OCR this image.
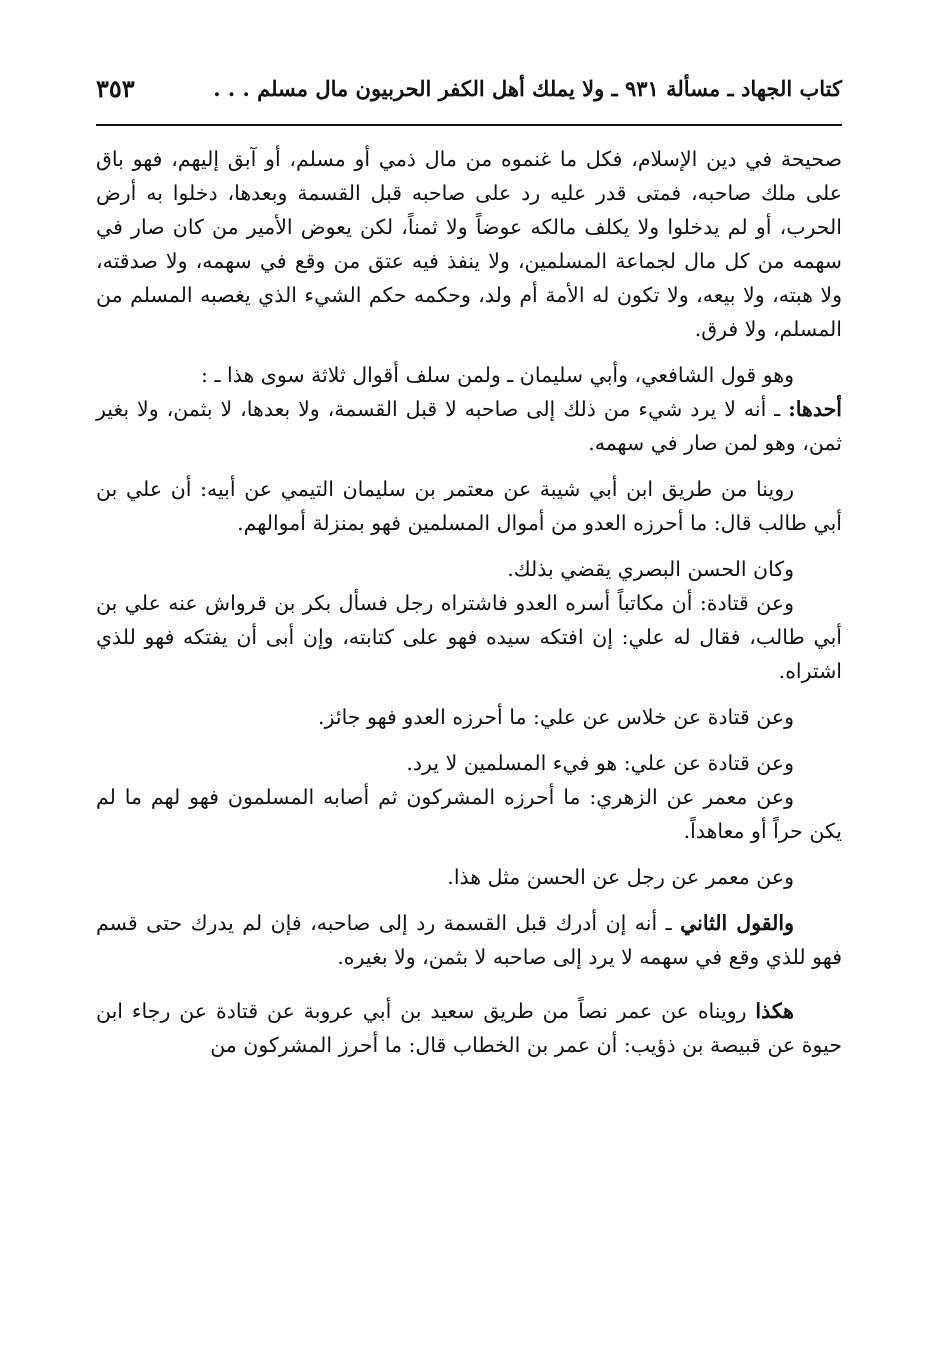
كتاب الجهاد ـ مسألة ٩٣١ ـ ولا يملك أهل الكفر الحربيون مال مسلم . . .
٣٥٣

صحيحة في دين الإسلام، فكل ما غنموه من مال ذمي أو مسلم، أو آبق إليهم، فهو باق على ملك صاحبه، فمتى قدر عليه رد على صاحبه قبل القسمة وبعدها، دخلوا به أرض الحرب، أو لم يدخلوا ولا يكلف مالكه عوضاً ولا ثمناً، لكن يعوض الأمير من كان صار في سهمه من كل مال لجماعة المسلمين، ولا ينفذ فيه عتق من وقع في سهمه، ولا صدقته، ولا هبته، ولا بيعه، ولا تكون له الأمة أم ولد، وحكمه حكم الشيء الذي يغصبه المسلم من المسلم، ولا فرق.

وهو قول الشافعي، وأبي سليمان ـ ولمن سلف أقوال ثلاثة سوى هذا ـ :

أحدها: ـ أنه لا يرد شيء من ذلك إلى صاحبه لا قبل القسمة، ولا بعدها، لا بثمن، ولا بغير ثمن، وهو لمن صار في سهمه.

روينا من طريق ابن أبي شيبة عن معتمر بن سليمان التيمي عن أبيه: أن علي بن أبي طالب قال: ما أحرزه العدو من أموال المسلمين فهو بمنزلة أموالهم.

وكان الحسن البصري يقضي بذلك.

وعن قتادة: أن مكاتباً أسره العدو فاشتراه رجل فسأل بكر بن قرواش عنه علي بن أبي طالب، فقال له علي: إن افتكه سيده فهو على كتابته، وإن أبى أن يفتكه فهو للذي اشتراه.

وعن قتادة عن خلاس عن علي: ما أحرزه العدو فهو جائز.

وعن قتادة عن علي: هو فيء المسلمين لا يرد.

وعن معمر عن الزهري: ما أحرزه المشركون ثم أصابه المسلمون فهو لهم ما لم يكن حراً أو معاهداً.

وعن معمر عن رجل عن الحسن مثل هذا.

والقول الثاني ـ أنه إن أدرك قبل القسمة رد إلى صاحبه، فإن لم يدرك حتى قسم فهو للذي وقع في سهمه لا يرد إلى صاحبه لا بثمن، ولا بغيره.

هكذا رويناه عن عمر نصاً من طريق سعيد بن أبي عروبة عن قتادة عن رجاء ابن حيوة عن قبيصة بن ذؤيب: أن عمر بن الخطاب قال: ما أحرز المشركون من
